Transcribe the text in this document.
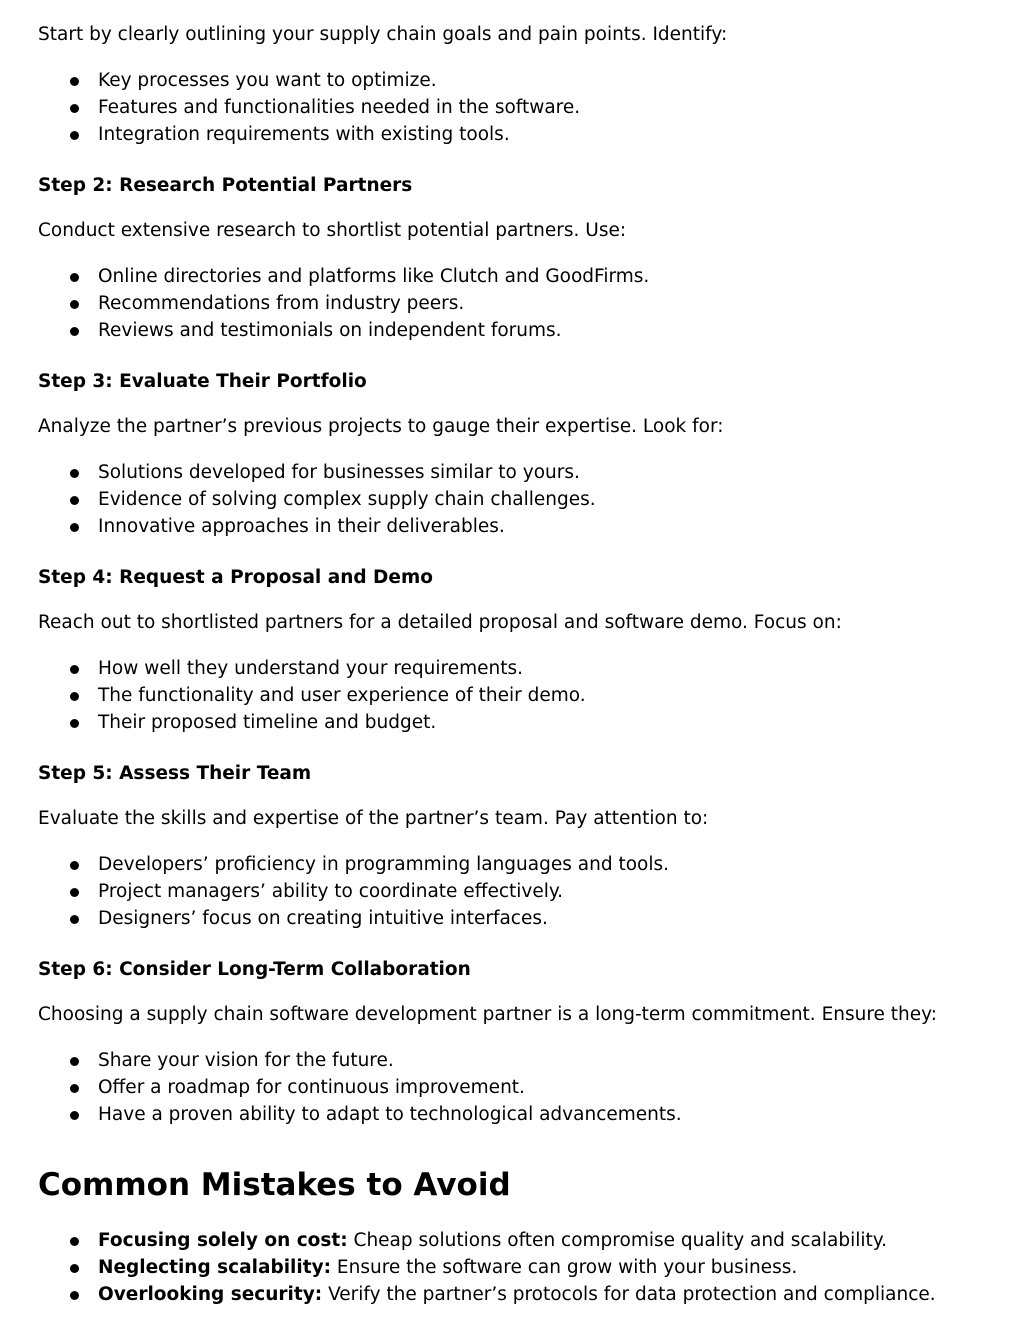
Start by clearly outlining your supply chain goals and pain points. Identify:

Key processes you want to optimize.
Features and functionalities needed in the software.
Integration requirements with existing tools.
Step 2: Research Potential Partners

Conduct extensive research to shortlist potential partners. Use:

Online directories and platforms like Clutch and GoodFirms.
Recommendations from industry peers.
Reviews and testimonials on independent forums.
Step 3: Evaluate Their Portfolio

Analyze the partner’s previous projects to gauge their expertise. Look for:

Solutions developed for businesses similar to yours.
Evidence of solving complex supply chain challenges.
Innovative approaches in their deliverables.
Step 4: Request a Proposal and Demo

Reach out to shortlisted partners for a detailed proposal and software demo. Focus on:

How well they understand your requirements.
The functionality and user experience of their demo.
Their proposed timeline and budget.
Step 5: Assess Their Team

Evaluate the skills and expertise of the partner’s team. Pay attention to:

Developers’ proficiency in programming languages and tools.
Project managers’ ability to coordinate effectively.
Designers’ focus on creating intuitive interfaces.
Step 6: Consider Long-Term Collaboration

Choosing a supply chain software development partner is a long-term commitment. Ensure they:

Share your vision for the future.
Offer a roadmap for continuous improvement.
Have a proven ability to adapt to technological advancements.
Common Mistakes to Avoid
Focusing solely on cost: Cheap solutions often compromise quality and scalability.
Neglecting scalability: Ensure the software can grow with your business.
Overlooking security: Verify the partner’s protocols for data protection and compliance.
